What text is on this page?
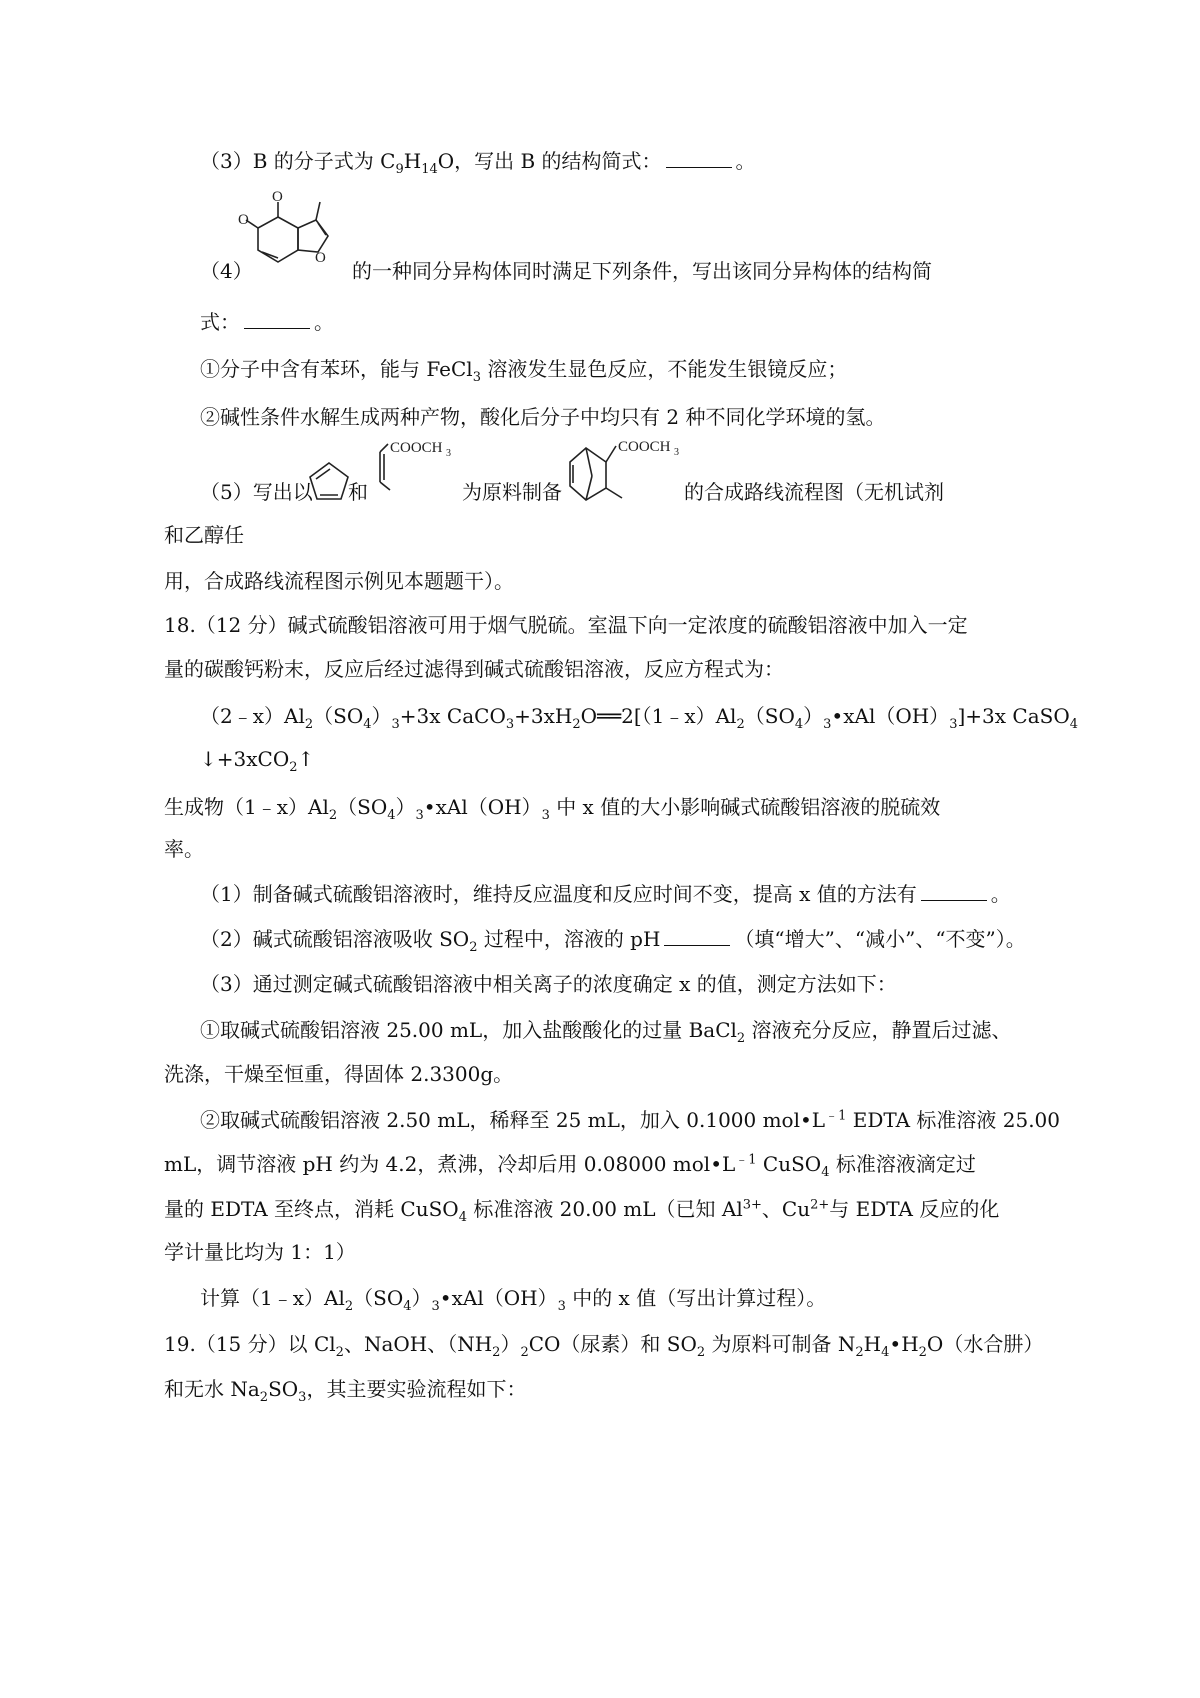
（3）B 的分子式为 $C_9H_{14}O$，写出 B 的结构简式：	。
O
O
O
（4）	的一种同分异构体同时满足下列条件，写出该同分异构体的结构简
式：	。
①分子中含有苯环，能与 FeCl$_3$ 溶液发生显色反应，不能发生银镜反应；
②碱性条件水解生成两种产物，酸化后分子中均只有 2 种不同化学环境的氢。
（5）写出以 和
COOCH 3
为原料制备
COOCH 3
的合成路线流程图（无机试剂
和乙醇任
用，合成路线流程图示例见本题题干）。
18.（12 分）碱式硫酸铝溶液可用于烟气脱硫。室温下向一定浓度的硫酸铝溶液中加入一定
量的碳酸钙粉末，反应后经过滤得到碱式硫酸铝溶液，反应方程式为：
$(2﹣x)Al_2(SO_4)_3+3x$ $CaCO_3+3xH_2O══2[(1﹣x)Al_2(SO_4)_3•xAl(OH)_3]+3x$ CaSO$_4$
↓+3xCO$_2$↑
生成物$(1﹣x)Al_2(SO_4)_3•xAl(OH)_3$ 中 x 值的大小影响碱式硫酸铝溶液的脱硫效
率。
（1）制备碱式硫酸铝溶液时，维持反应温度和反应时间不变，提高 x 值的方法有	。
（2）碱式硫酸铝溶液吸收 $SO_2$ 过程中，溶液的 pH	（填“增大”、“减小”、“不变”）。
（3）通过测定碱式硫酸铝溶液中相关离子的浓度确定 x 的值，测定方法如下：
①取碱式硫酸铝溶液 25.00 mL，加入盐酸酸化的过量 BaCl$_2$ 溶液充分反应，静置后过滤、
洗涤，干燥至恒重，得固体 2.3300g。
②取碱式硫酸铝溶液 2.50 mL，稀释至 25 mL，加入 0.1000 $mol•L^{﹣1}$ EDTA 标准溶液 25.00
mL，调节溶液 pH 约为 4.2，煮沸，冷却后用 0.08000 $mol•L^{﹣1}$ CuSO$_4$ 标准溶液滴定过
量的 EDTA 至终点，消耗 CuSO$_4$ 标准溶液 20.00 mL（已知 $Al^{3+}$、$Cu^{2+}$与 EDTA 反应的化
学计量比均为 1：1）
计算$(1﹣x)Al_2(SO_4)_3•xAl(OH)_3$ 中的 x 值（写出计算过程）。
19.（15 分）以 $Cl_2$、NaOH、$(NH_2)_2CO$（尿素）和 $SO_2$ 为原料可制备 $N_2H_4•H_2O$（水合肼）
和无水 $Na_2SO_3$，其主要实验流程如下：
